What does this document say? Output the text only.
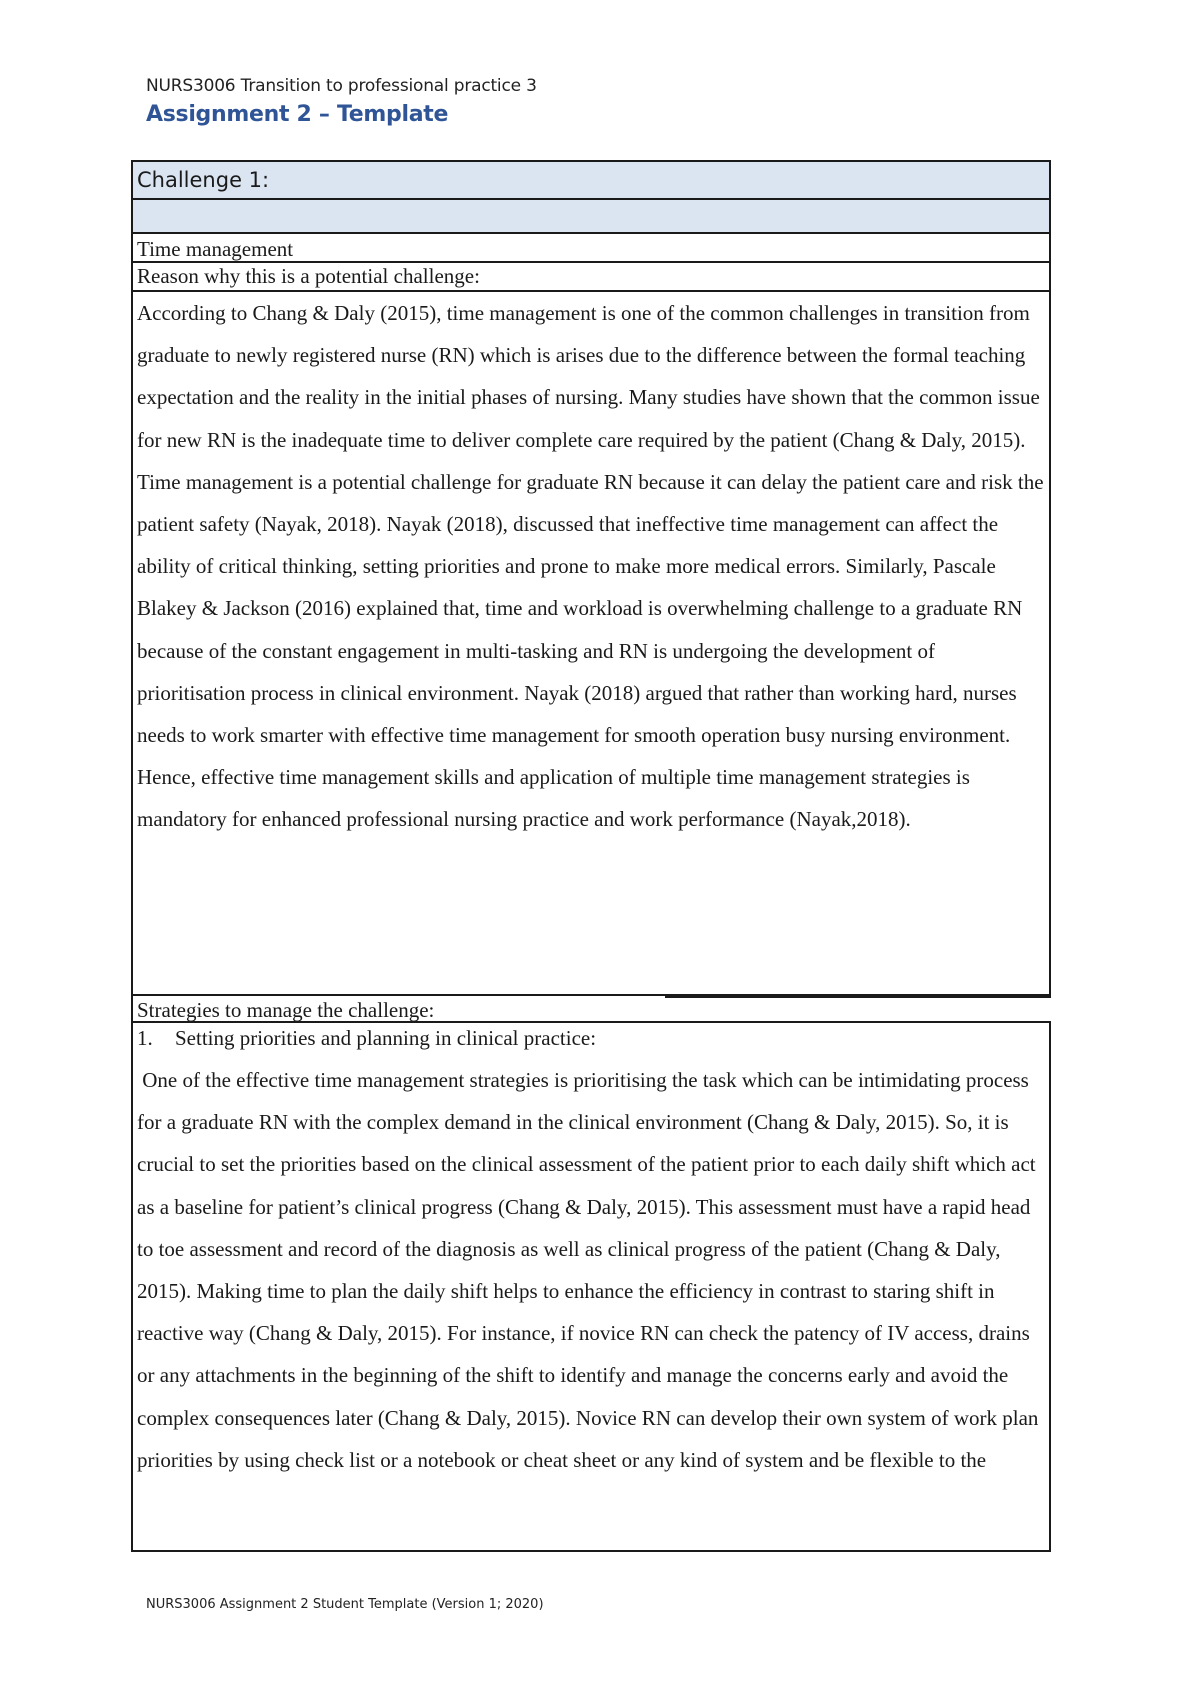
NURS3006 Transition to professional practice 3
Assignment 2 – Template
Challenge 1:
Time management
Reason why this is a potential challenge:
According to Chang & Daly (2015), time management is one of the common challenges in transition from graduate to newly registered nurse (RN) which is arises due to the difference between the formal teaching expectation and the reality in the initial phases of nursing. Many studies have shown that the common issue for new RN is the inadequate time to deliver complete care required by the patient (Chang & Daly, 2015). Time management is a potential challenge for graduate RN because it can delay the patient care and risk the patient safety (Nayak, 2018). Nayak (2018), discussed that ineffective time management can affect the ability of critical thinking, setting priorities and prone to make more medical errors. Similarly, Pascale Blakey & Jackson (2016) explained that, time and workload is overwhelming challenge to a graduate RN because of the constant engagement in multi-tasking and RN is undergoing the development of prioritisation process in clinical environment. Nayak (2018) argued that rather than working hard, nurses needs to work smarter with effective time management for smooth operation busy nursing environment. Hence, effective time management skills and application of multiple time management strategies is mandatory for enhanced professional nursing practice and work performance (Nayak,2018).
Strategies to manage the challenge:
1. Setting priorities and planning in clinical practice:
One of the effective time management strategies is prioritising the task which can be intimidating process for a graduate RN with the complex demand in the clinical environment (Chang & Daly, 2015). So, it is crucial to set the priorities based on the clinical assessment of the patient prior to each daily shift which act as a baseline for patient’s clinical progress (Chang & Daly, 2015). This assessment must have a rapid head to toe assessment and record of the diagnosis as well as clinical progress of the patient (Chang & Daly, 2015). Making time to plan the daily shift helps to enhance the efficiency in contrast to staring shift in reactive way (Chang & Daly, 2015). For instance, if novice RN can check the patency of IV access, drains or any attachments in the beginning of the shift to identify and manage the concerns early and avoid the complex consequences later (Chang & Daly, 2015). Novice RN can develop their own system of work plan priorities by using check list or a notebook or cheat sheet or any kind of system and be flexible to the
NURS3006 Assignment 2 Student Template (Version 1; 2020)
